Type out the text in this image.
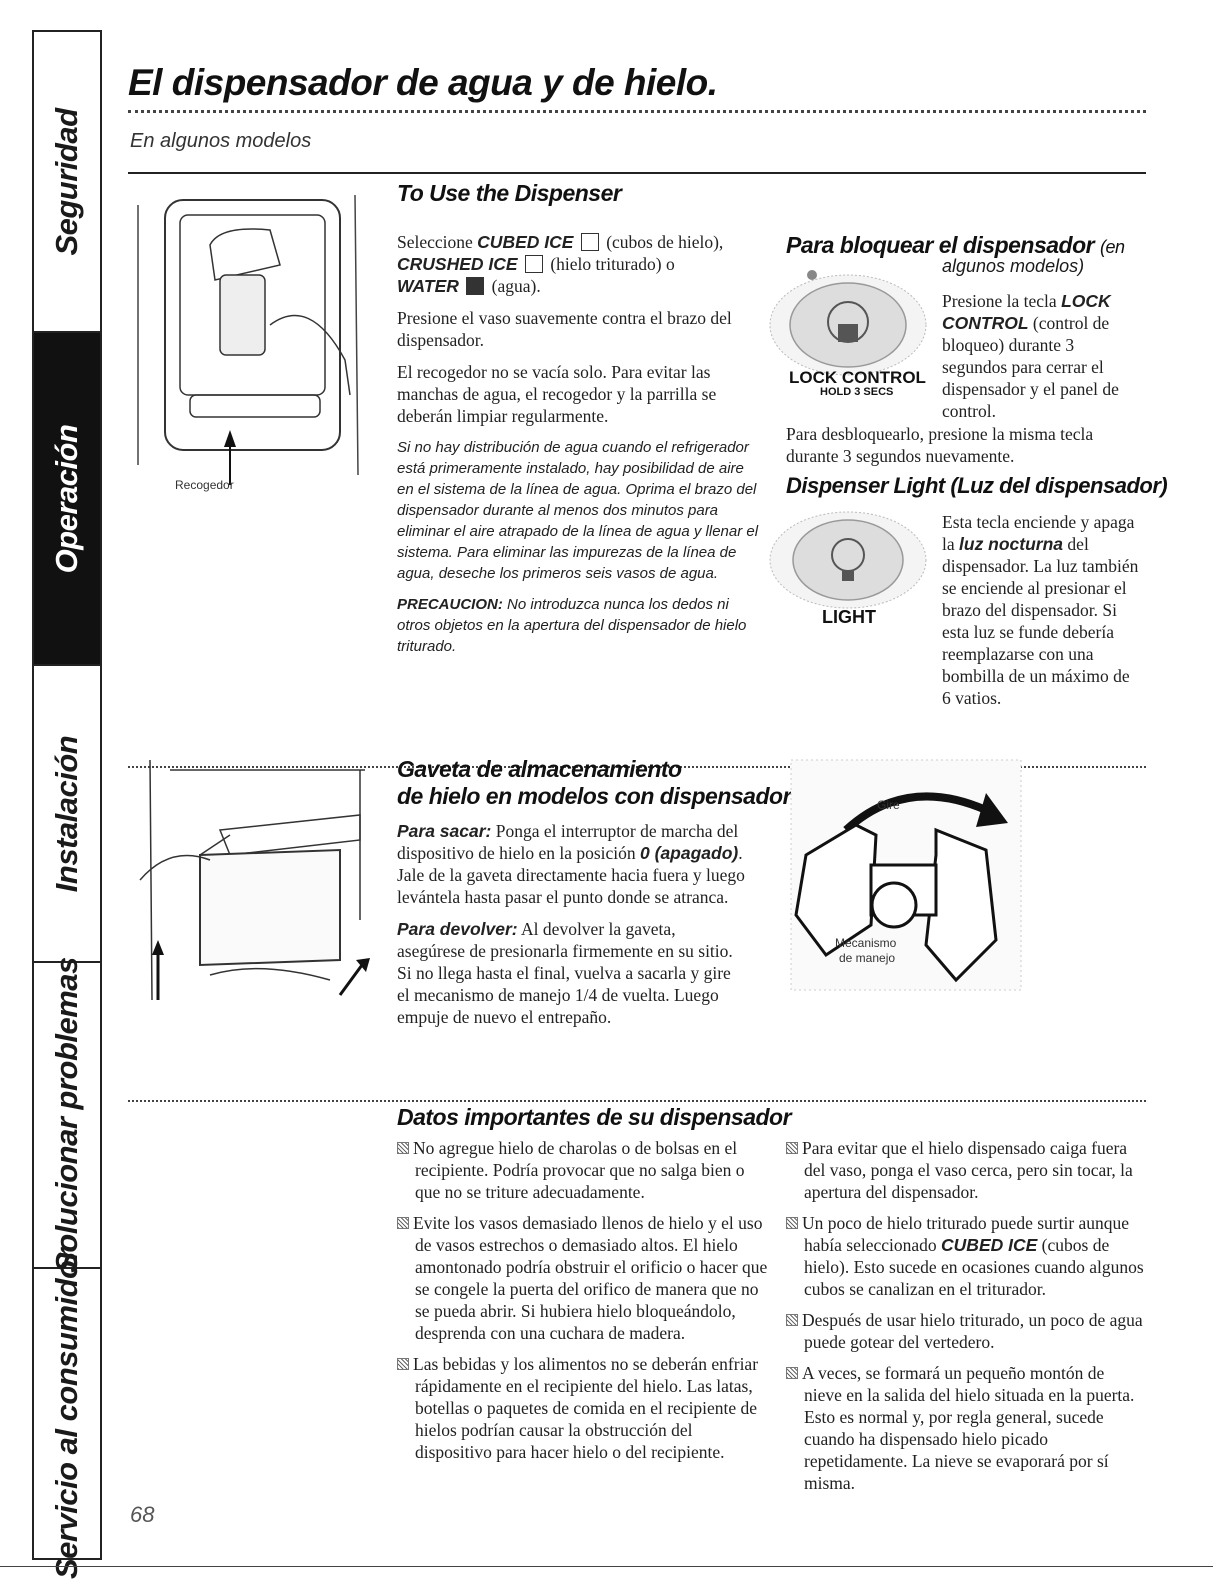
Seguridad
Operación
Instalación
Solucionar problemas
Servicio al consumidor
El dispensador de agua y de hielo.
En algunos modelos
Recogedor
To Use the Dispenser

Seleccione CUBED ICE (cubos de hielo),
CRUSHED ICE (hielo triturado) o
WATER (agua).

Presione el vaso suavemente contra el brazo del dispensador.

El recogedor no se vacía solo. Para evitar las manchas de agua, el recogedor y la parrilla se deberán limpiar regularmente.

Si no hay distribución de agua cuando el refrigerador está primeramente instalado, hay posibilidad de aire en el sistema de la línea de agua. Oprima el brazo del dispensador durante al menos dos minutos para eliminar el aire atrapado de la línea de agua y llenar el sistema. Para eliminar las impurezas de la línea de agua, deseche los primeros seis vasos de agua.

PRECAUCION: No introduzca nunca los dedos ni otros objetos en la apertura del dispensador de hielo triturado.

Para bloquear el dispensador (en
algunos modelos)
LOCK CONTROL
HOLD 3 SECS
Presione la tecla LOCK CONTROL (control de bloqueo) durante 3 segundos para cerrar el dispensador y el panel de control.
Para desbloquearlo, presione la misma tecla durante 3 segundos nuevamente.
Dispenser Light (Luz del dispensador)
LIGHT
Esta tecla enciende y apaga la luz nocturna del dispensador. La luz también se enciende al presionar el brazo del dispensador. Si esta luz se funde debería reemplazarse con una bombilla de un máximo de 6 vatios.
Gaveta de almacenamiento
de hielo en modelos con dispensador

Para sacar: Ponga el interruptor de marcha del dispositivo de hielo en la posición 0 (apagado). Jale de la gaveta directamente hacia fuera y luego levántela hasta pasar el punto donde se atranca.

Para devolver: Al devolver la gaveta, asegúrese de presionarla firmemente en su sitio. Si no llega hasta el final, vuelva a sacarla y gire el mecanismo de manejo 1/4 de vuelta. Luego empuje de nuevo el entrepaño.

Gire
Mecanismo
de manejo
Datos importantes de su dispensador

No agregue hielo de charolas o de bolsas en el recipiente. Podría provocar que no salga bien o que no se triture adecuadamente.

Evite los vasos demasiado llenos de hielo y el uso de vasos estrechos o demasiado altos. El hielo amontonado podría obstruir el orificio o hacer que se congele la puerta del orifico de manera que no se pueda abrir. Si hubiera hielo bloqueándolo, desprenda con una cuchara de madera.

Las bebidas y los alimentos no se deberán enfriar rápidamente en el recipiente del hielo. Las latas, botellas o paquetes de comida en el recipiente de hielos podrían causar la obstrucción del dispositivo para hacer hielo o del recipiente.

Para evitar que el hielo dispensado caiga fuera del vaso, ponga el vaso cerca, pero sin tocar, la apertura del dispensador.

Un poco de hielo triturado puede surtir aunque había seleccionado CUBED ICE (cubos de hielo). Esto sucede en ocasiones cuando algunos cubos se canalizan en el triturador.

Después de usar hielo triturado, un poco de agua puede gotear del vertedero.

A veces, se formará un pequeño montón de nieve en la salida del hielo situada en la puerta. Esto es normal y, por regla general, sucede cuando ha dispensado hielo picado repetidamente. La nieve se evaporará por sí misma.

68
